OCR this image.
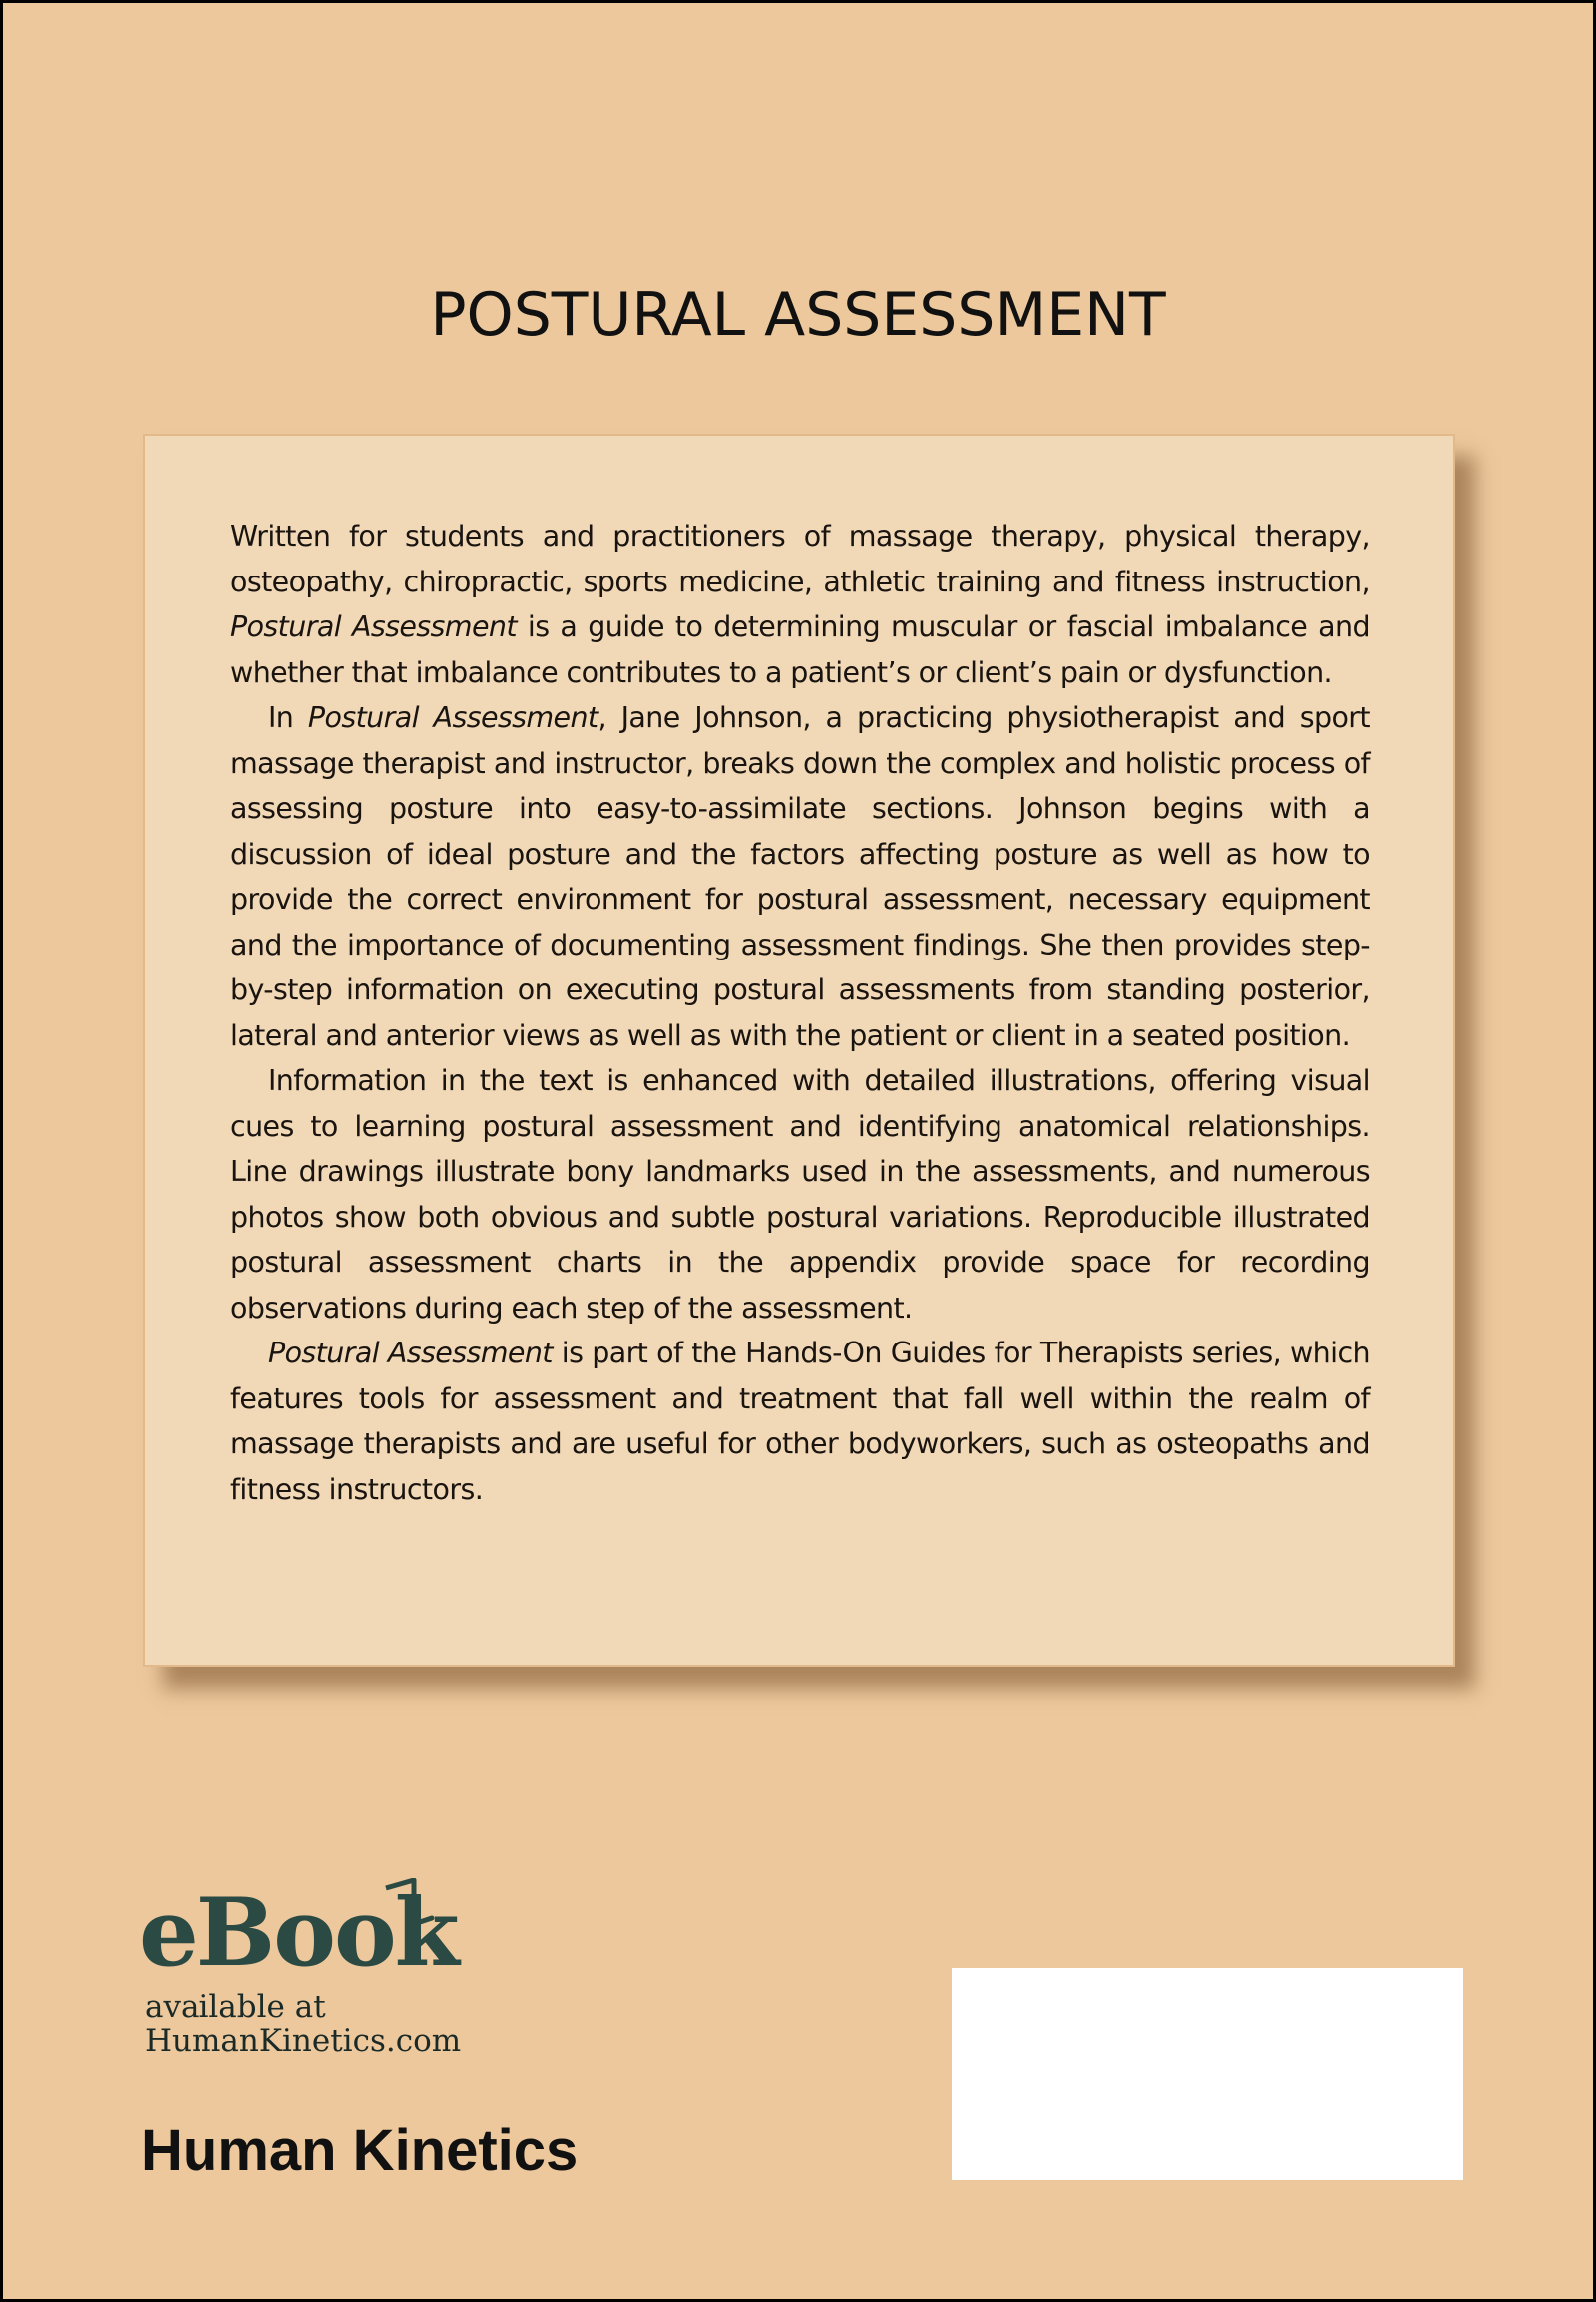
POSTURAL ASSESSMENT

Written for students and practitioners of massage therapy, physical therapy, osteopathy, chiropractic, sports medicine, athletic training and fitness instruction, Postural Assessment is a guide to determining muscular or fascial imbalance and whether that imbalance contributes to a patient’s or client’s pain or dysfunction.

In Postural Assessment, Jane Johnson, a practicing physiotherapist and sport massage therapist and instructor, breaks down the complex and holistic process of assessing posture into easy-to-assimilate sections. Johnson begins with a discussion of ideal posture and the factors affecting posture as well as how to provide the correct environment for postural assessment, necessary equipment and the importance of documenting assessment findings. She then provides step-by-step information on executing postural assessments from standing posterior, lateral and anterior views as well as with the patient or client in a seated position.

Information in the text is enhanced with detailed illustrations, offering visual cues to learning postural assessment and identifying anatomical relationships. Line drawings illustrate bony landmarks used in the assessments, and numerous photos show both obvious and subtle postural variations. Reproducible illustrated postural assessment charts in the appendix provide space for recording observations during each step of the assessment.

Postural Assessment is part of the Hands-On Guides for Therapists series, which features tools for assessment and treatment that fall well within the realm of massage therapists and are useful for other bodyworkers, such as osteopaths and fitness instructors.

eBook
available at
HumanKinetics.com
Human Kinetics
